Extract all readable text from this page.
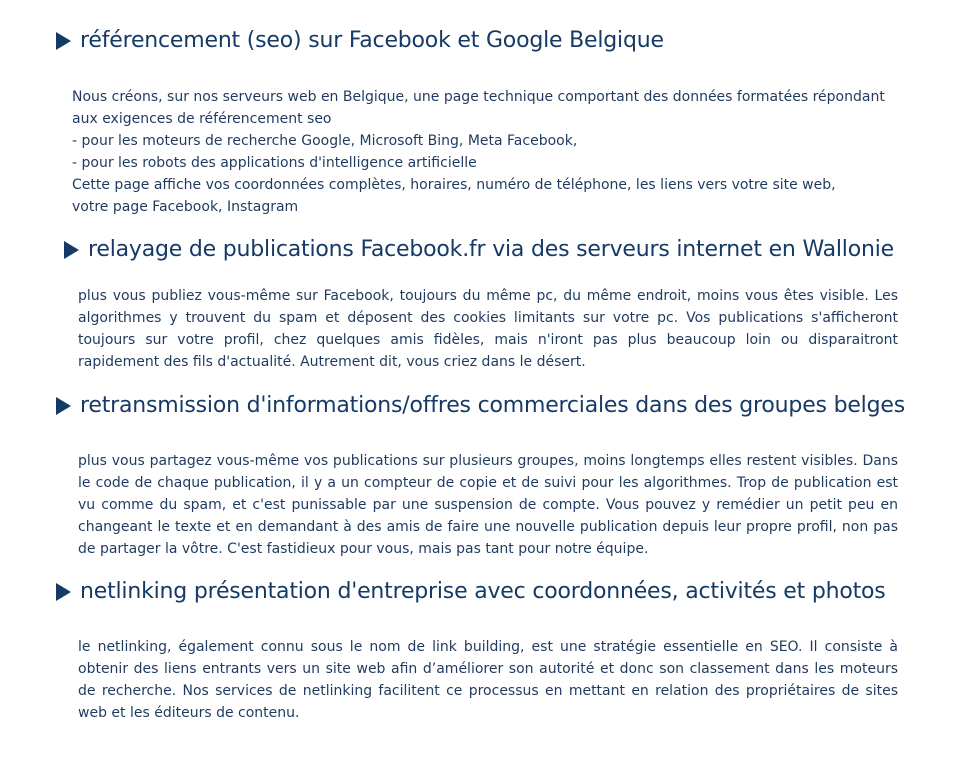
référencement (seo) sur Facebook et Google Belgique
Nous créons, sur nos serveurs web en Belgique, une page technique comportant des données formatées répondant
aux exigences de référencement seo
- pour les moteurs de recherche Google, Microsoft Bing, Meta Facebook,
- pour les robots des applications d'intelligence artificielle
Cette page affiche vos coordonnées complètes, horaires, numéro de téléphone, les liens vers votre site web,
votre page Facebook, Instagram
relayage de publications Facebook.fr via des serveurs internet en Wallonie
plus vous publiez vous-même sur Facebook, toujours du même pc, du même endroit, moins vous êtes visible. Les algorithmes y trouvent du spam et déposent des cookies limitants sur votre pc. Vos publications s'afficheront toujours sur votre profil, chez quelques amis fidèles, mais n'iront pas plus beaucoup loin ou disparaitront rapidement des fils d'actualité. Autrement dit, vous criez dans le désert.
retransmission d'informations/offres commerciales dans des groupes belges
plus vous partagez vous-même vos publications sur plusieurs groupes, moins longtemps elles restent visibles. Dans le code de chaque publication, il y a un compteur de copie et de suivi pour les algorithmes. Trop de publication est vu comme du spam, et c'est punissable par une suspension de compte. Vous pouvez y remédier un petit peu en changeant le texte et en demandant à des amis de faire une nouvelle publication depuis leur propre profil, non pas de partager la vôtre. C'est fastidieux pour vous, mais pas tant pour notre équipe.
netlinking présentation d'entreprise avec coordonnées, activités et photos
le netlinking, également connu sous le nom de link building, est une stratégie essentielle en SEO. Il consiste à obtenir des liens entrants vers un site web afin d’améliorer son autorité et donc son classement dans les moteurs de recherche. Nos services de netlinking facilitent ce processus en mettant en relation des propriétaires de sites web et les éditeurs de contenu.
